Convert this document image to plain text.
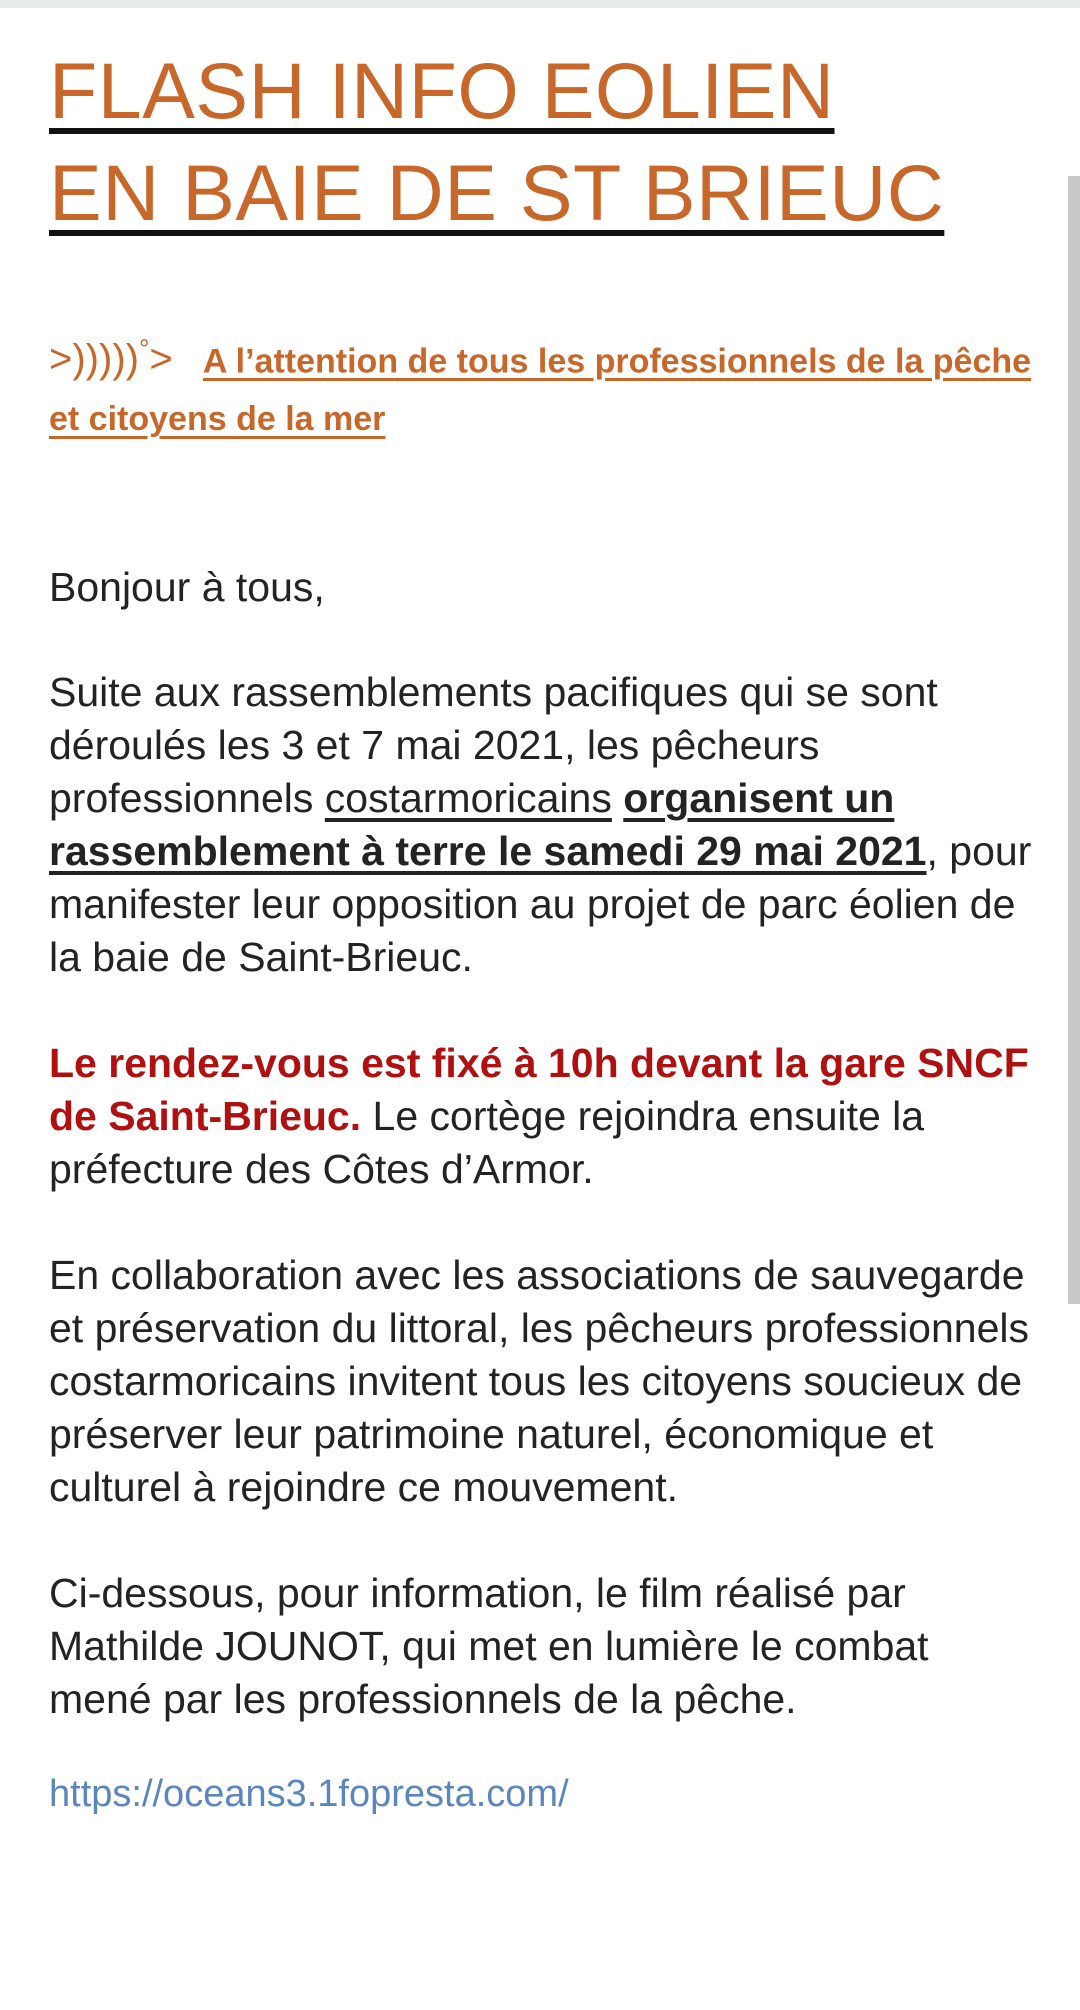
FLASH INFO EOLIEN
EN BAIE DE ST BRIEUC
>)))))°> A l’attention de tous les professionnels de la pêche et citoyens de la mer

Bonjour à tous,

Suite aux rassemblements pacifiques qui se sont déroulés les 3 et 7 mai 2021, les pêcheurs professionnels costarmoricains organisent un rassemblement à terre le samedi 29 mai 2021, pour manifester leur opposition au projet de parc éolien de la baie de Saint-Brieuc.

Le rendez-vous est fixé à 10h devant la gare SNCF de Saint-Brieuc. Le cortège rejoindra ensuite la préfecture des Côtes d’Armor.

En collaboration avec les associations de sauvegarde et préservation du littoral, les pêcheurs professionnels costarmoricains invitent tous les citoyens soucieux de préserver leur patrimoine naturel, économique et culturel à rejoindre ce mouvement.

Ci-dessous, pour information, le film réalisé par Mathilde JOUNOT, qui met en lumière le combat mené par les professionnels de la pêche.

https://oceans3.1fopresta.com/
